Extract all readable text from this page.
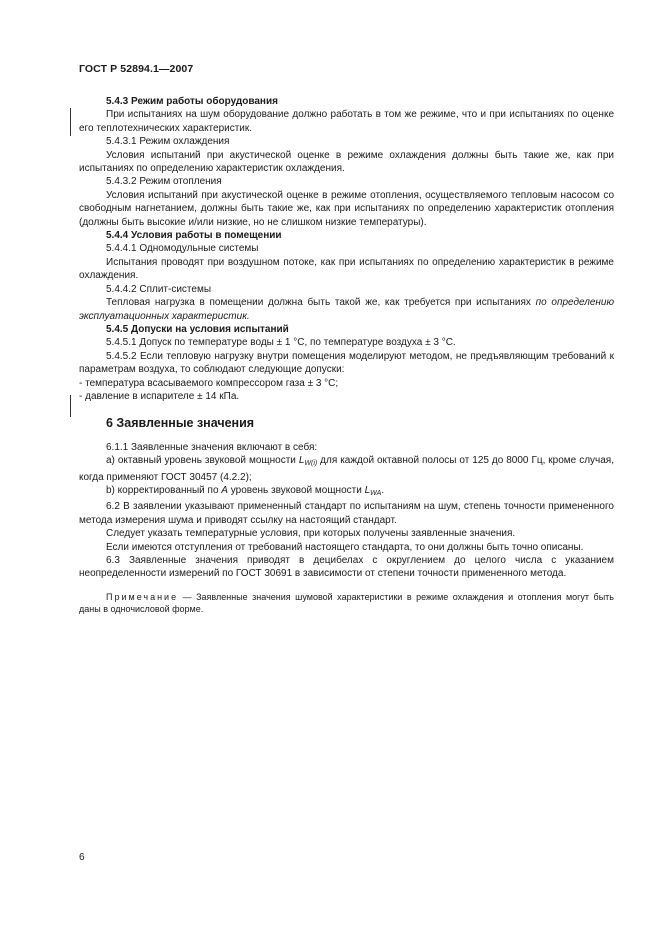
ГОСТ Р 52894.1—2007

5.4.3 Режим работы оборудования

При испытаниях на шум оборудование должно работать в том же режиме, что и при испытаниях по оценке его теплотехнических характеристик.

5.4.3.1 Режим охлаждения

Условия испытаний при акустической оценке в режиме охлаждения должны быть такие же, как при испытаниях по определению характеристик охлаждения.

5.4.3.2 Режим отопления

Условия испытаний при акустической оценке в режиме отопления, осуществляемого тепловым насосом со свободным нагнетанием, должны быть такие же, как при испытаниях по определению характеристик отопления (должны быть высокие и/или низкие, но не слишком низкие температуры).

5.4.4 Условия работы в помещении

5.4.4.1 Одномодульные системы

Испытания проводят при воздушном потоке, как при испытаниях по определению характеристик в режиме охлаждения.

5.4.4.2 Сплит-системы

Тепловая нагрузка в помещении должна быть такой же, как требуется при испытаниях по определению эксплуатационных характеристик.

5.4.5 Допуски на условия испытаний

5.4.5.1 Допуск по температуре воды ± 1 °С, по температуре воздуха ± 3 °С.

5.4.5.2 Если тепловую нагрузку внутри помещения моделируют методом, не предъявляющим требований к параметрам воздуха, то соблюдают следующие допуски:

- температура всасываемого компрессором газа ± 3 °С;

- давление в испарителе ± 14 кПа.

6 Заявленные значения

6.1.1 Заявленные значения включают в себя:

а) октавный уровень звуковой мощности $L_{W(i)}$ для каждой октавной полосы от 125 до 8000 Гц, кроме случая, когда применяют ГОСТ 30457 (4.2.2);

b) корректированный по А уровень звуковой мощности $L_{WA}$.

6.2 В заявлении указывают примененный стандарт по испытаниям на шум, степень точности примененного метода измерения шума и приводят ссылку на настоящий стандарт.

Следует указать температурные условия, при которых получены заявленные значения.

Если имеются отступления от требований настоящего стандарта, то они должны быть точно описаны.

6.3 Заявленные значения приводят в децибелах с округлением до целого числа с указанием неопределенности измерений по ГОСТ 30691 в зависимости от степени точности примененного метода.

Примечание — Заявленные значения шумовой характеристики в режиме охлаждения и отопления могут быть даны в одночисловой форме.

6
